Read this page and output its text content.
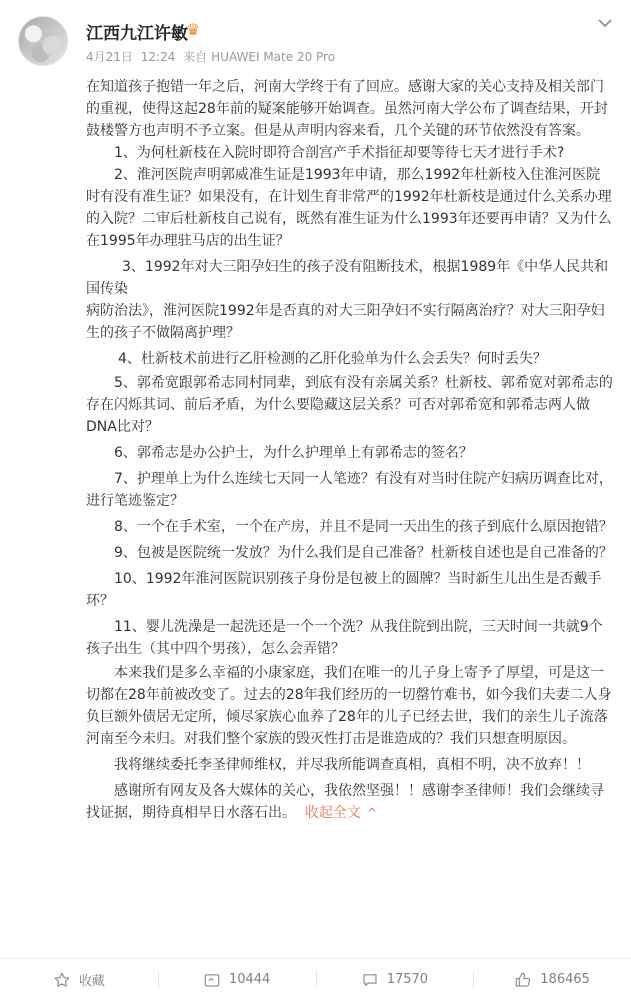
江西九江许敏
♛
4月21日 12:24 来自 HUAWEI Mate 20 Pro

在知道孩子抱错一年之后，河南大学终于有了回应。感谢大家的关心支持及相关部门的重视，使得这起28年前的疑案能够开始调查。虽然河南大学公布了调查结果，开封鼓楼警方也声明不予立案。但是从声明内容来看，几个关键的环节依然没有答案。

1、为何杜新枝在入院时即符合剖宫产手术指征却要等待七天才进行手术?

2、淮河医院声明郭威准生证是1993年申请，那么1992年杜新枝入住淮河医院时有没有准生证？如果没有，在计划生育非常严的1992年杜新枝是通过什么关系办理的入院？二审后杜新枝自己说有，既然有准生证为什么1993年还要再申请？又为什么在1995年办理驻马店的出生证？

3、1992年对大三阳孕妇生的孩子没有阻断技术，根据1989年《中华人民共和国传染

病防治法》，淮河医院1992年是否真的对大三阳孕妇不实行隔离治疗？对大三阳孕妇生的孩子不做隔离护理？

4、杜新枝术前进行乙肝检测的乙肝化验单为什么会丢失？何时丢失？

5、郭希宽跟郭希志同村同辈，到底有没有亲属关系？杜新枝、郭希宽对郭希志的存在闪烁其词、前后矛盾，为什么要隐藏这层关系？可否对郭希宽和郭希志两人做DNA比对？

6、郭希志是办公护士，为什么护理单上有郭希志的签名？

7、护理单上为什么连续七天同一人笔迹？有没有对当时住院产妇病历调查比对，进行笔迹鉴定？

8、一个在手术室，一个在产房，并且不是同一天出生的孩子到底什么原因抱错？

9、包被是医院统一发放？为什么我们是自己准备？杜新枝自述也是自己准备的？

10、1992年淮河医院识别孩子身份是包被上的圆牌？当时新生儿出生是否戴手环？

11、婴儿洗澡是一起洗还是一个一个洗？从我住院到出院，三天时间一共就9个孩子出生（其中四个男孩），怎么会弄错？

本来我们是多么幸福的小康家庭，我们在唯一的儿子身上寄予了厚望，可是这一切都在28年前被改变了。过去的28年我们经历的一切罄竹难书，如今我们夫妻二人身负巨额外债居无定所，倾尽家族心血养了28年的儿子已经去世，我们的亲生儿子流落河南至今未归。对我们整个家族的毁灭性打击是谁造成的？我们只想查明原因。

我将继续委托李圣律师维权，并尽我所能调查真相，真相不明，决不放弃！！

感谢所有网友及各大媒体的关心，我依然坚强！！感谢李圣律师！我们会继续寻找证据，期待真相早日水落石出。 收起全文 ^

收藏	10444	17570	186465
